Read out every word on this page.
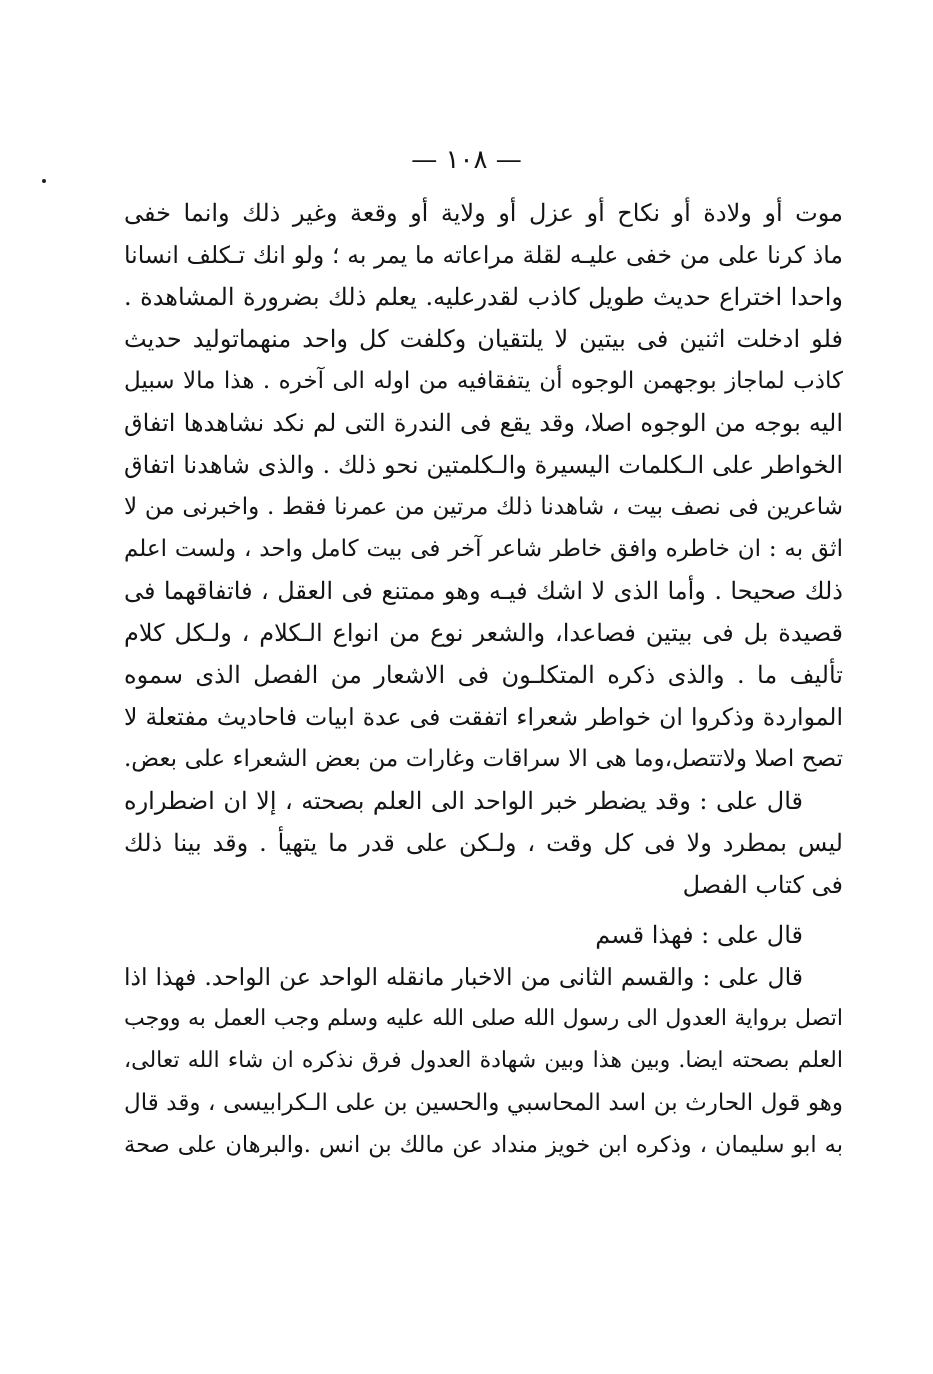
— ١٠٨ —
موت أو ولادة أو نكاح أو عزل أو ولاية أو وقعة وغير ذلك وانما خفى
ماذ كرنا على من خفى عليـه لقلة مراعاته ما يمر به ؛ ولو انك تـكلف انسانا
واحدا اختراع حديث طويل كاذب لقدرعليه. يعلم ذلك بضرورة المشاهدة .
فلو ادخلت اثنين فى بيتين لا يلتقيان وكلفت كل واحد منهماتوليد حديث
كاذب لماجاز بوجهمن الوجوه أن يتفقافيه من اوله الى آخره . هذا مالا سبيل
اليه بوجه من الوجوه اصلا، وقد يقع فى الندرة التى لم نكد نشاهدها اتفاق
الخواطر على الـكلمات اليسيرة والـكلمتين نحو ذلك . والذى شاهدنا اتفاق
شاعرين فى نصف بيت ، شاهدنا ذلك مرتين من عمرنا فقط . واخبرنى من لا
اثق به : ان خاطره وافق خاطر شاعر آخر فى بيت كامل واحد ، ولست اعلم
ذلك صحيحا . وأما الذى لا اشك فيـه وهو ممتنع فى العقل ، فاتفاقهما فى
قصيدة بل فى بيتين فصاعدا، والشعر نوع من انواع الـكلام ، ولـكل كلام
تأليف ما . والذى ذكره المتكلـون فى الاشعار من الفصل الذى سموه
المواردة وذكروا ان خواطر شعراء اتفقت فى عدة ابيات فاحاديث مفتعلة لا
تصح اصلا ولاتتصل،وما هى الا سراقات وغارات من بعض الشعراء على بعض.
قال على : وقد يضطر خبر الواحد الى العلم بصحته ، إلا ان اضطراره
ليس بمطرد ولا فى كل وقت ، ولـكن على قدر ما يتهيأ . وقد بينا ذلك
فى كتاب الفصل
قال على : فهذا قسم
قال على : والقسم الثانى من الاخبار مانقله الواحد عن الواحد. فهذا اذا
اتصل برواية العدول الى رسول الله صلى الله عليه وسلم وجب العمل به ووجب
العلم بصحته ايضا. وبين هذا وبين شهادة العدول فرق نذكره ان شاء الله تعالى،
وهو قول الحارث بن اسد المحاسبي والحسين بن على الـكرابيسى ، وقد قال
به ابو سليمان ، وذكره ابن خويز منداد عن مالك بن انس .والبرهان على صحة
